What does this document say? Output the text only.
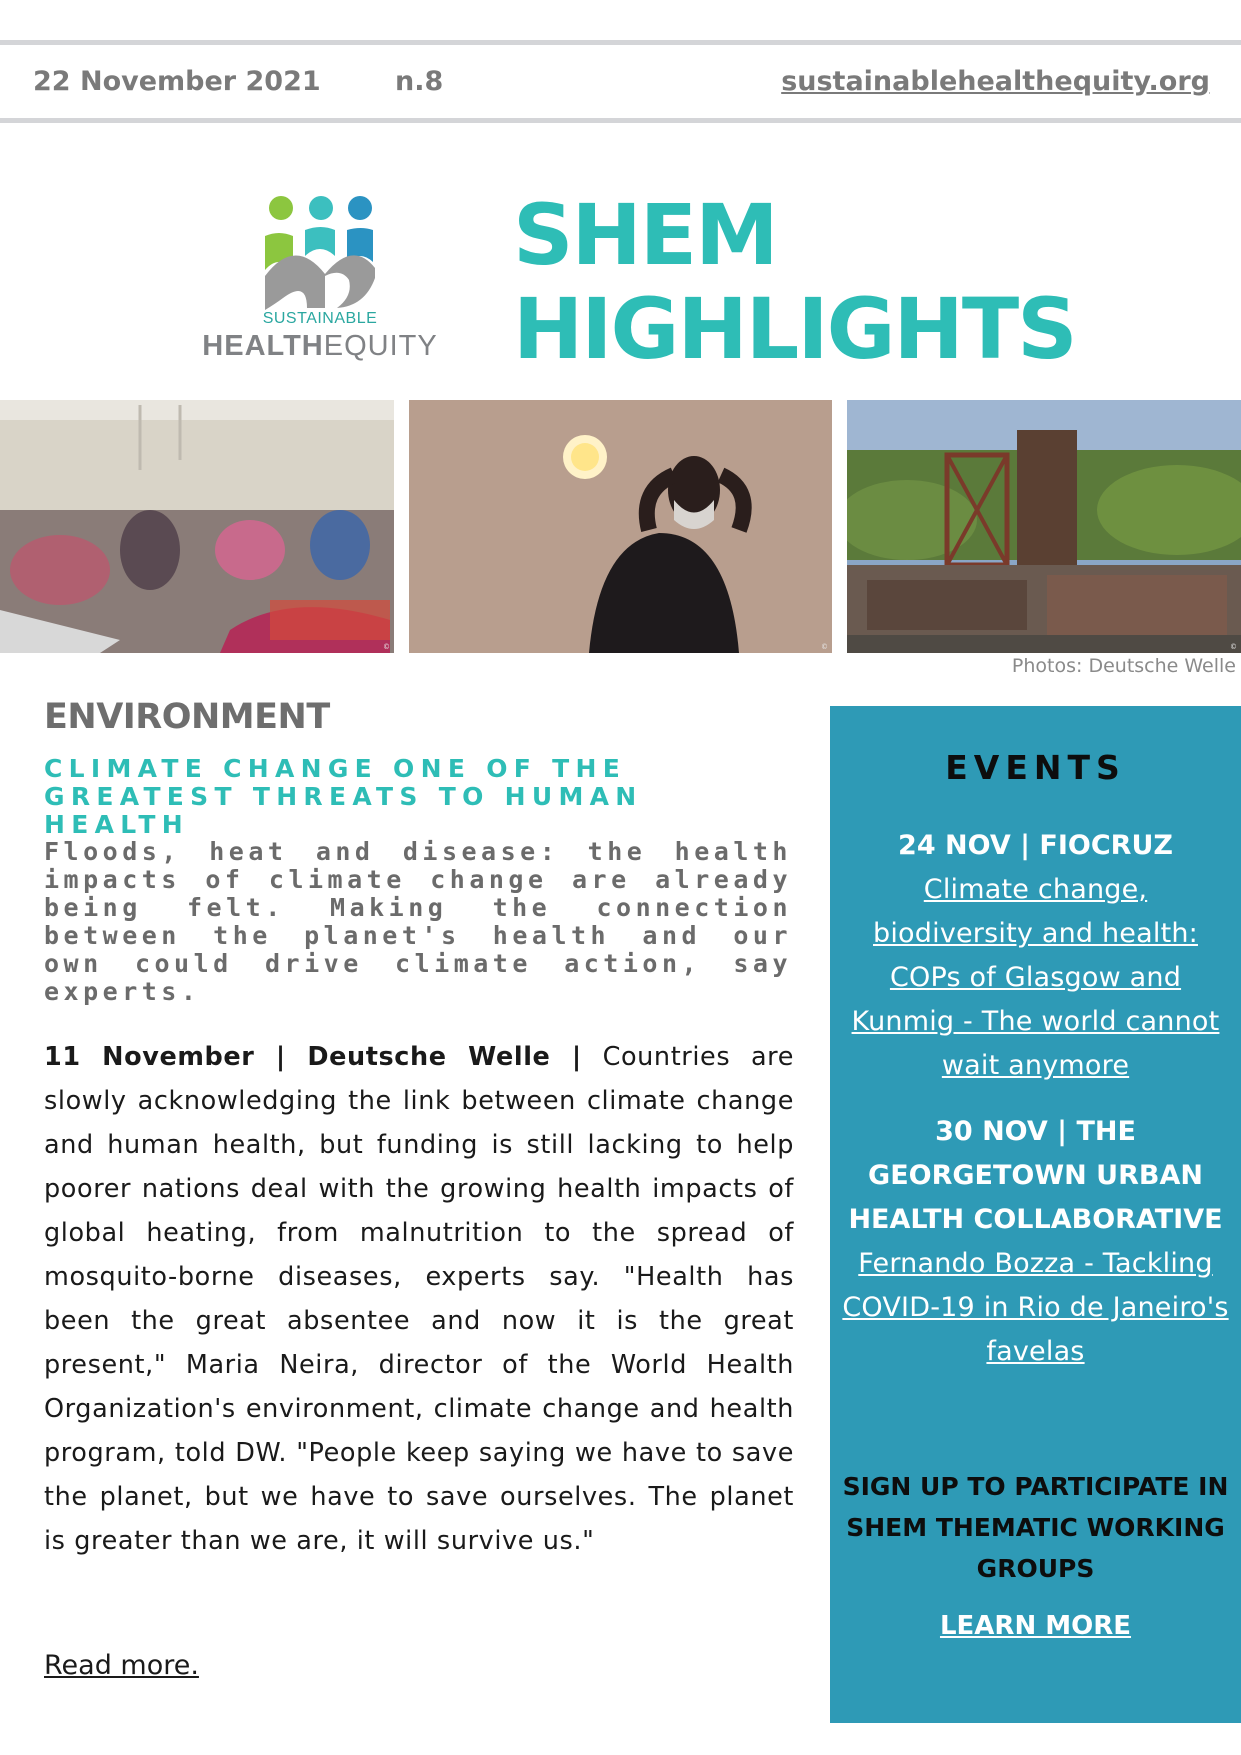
22 November 2021	n.8	sustainablehealthequity.org
SUSTAINABLE
HEALTHEQUITY
SHEM
HIGHLIGHTS
©	©	©
Photos: Deutsche Welle
ENVIRONMENT
CLIMATE CHANGE ONE OF THE GREATEST THREATS TO HUMAN HEALTH
Floods, heat and disease: the health impacts of climate change are already being felt. Making the connection between the planet's health and our own could drive climate action, say experts.
11 November | Deutsche Welle | Countries are slowly acknowledging the link between climate change and human health, but funding is still lacking to help poorer nations deal with the growing health impacts of global heating, from malnutrition to the spread of mosquito-borne diseases, experts say. "Health has been the great absentee and now it is the great present," Maria Neira, director of the World Health Organization's environment, climate change and health program, told DW. "People keep saying we have to save the planet, but we have to save ourselves. The planet is greater than we are, it will survive us."
Read more.
EVENTS
24 NOV | FIOCRUZ
Climate change, biodiversity and health: COPs of Glasgow and Kunmig - The world cannot wait anymore
30 NOV | THE GEORGETOWN URBAN HEALTH COLLABORATIVE
Fernando Bozza - Tackling COVID-19 in Rio de Janeiro's favelas
SIGN UP TO PARTICIPATE IN SHEM THEMATIC WORKING GROUPS
LEARN MORE
